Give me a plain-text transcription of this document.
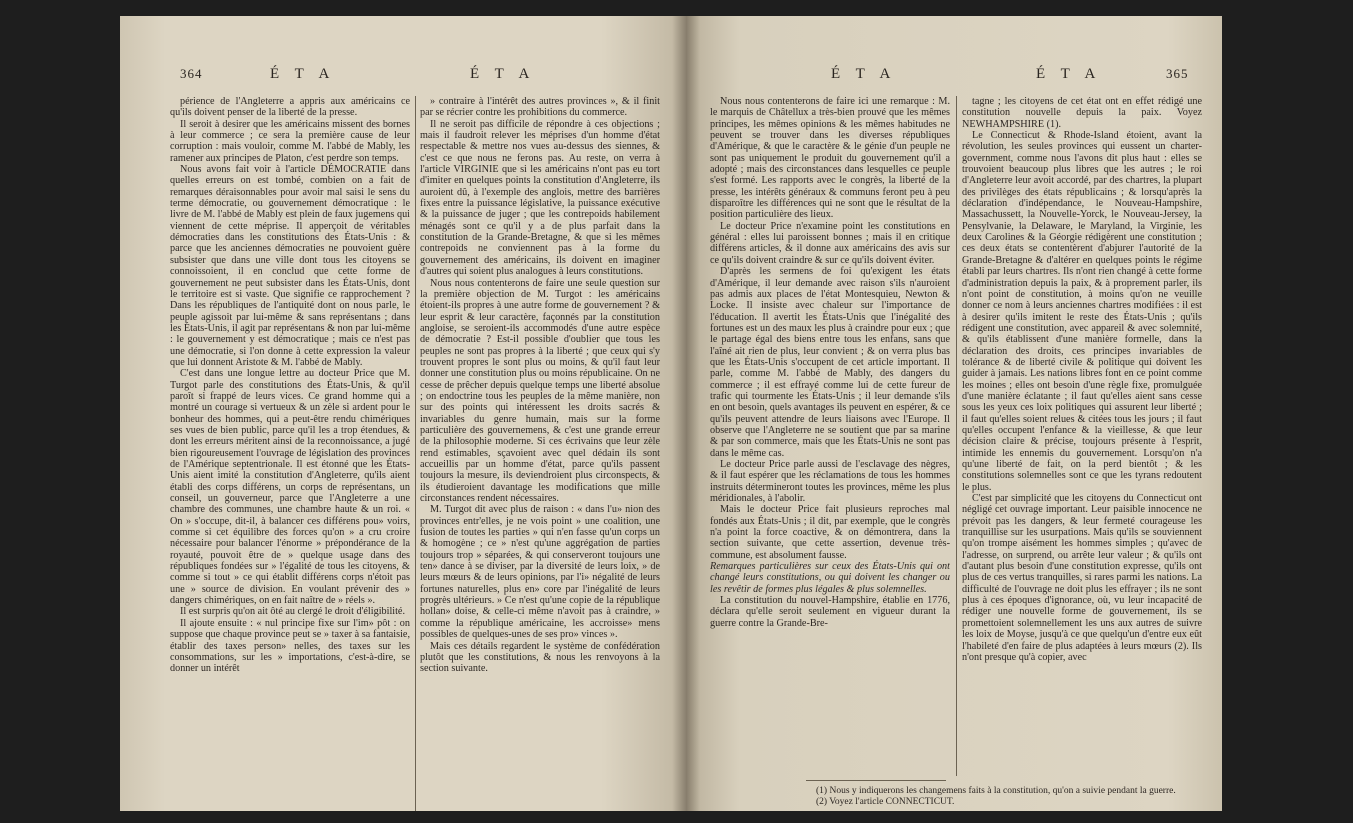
364	É T A	É T A

périence de l'Angleterre a appris aux américains ce qu'ils doivent penser de la liberté de la presse.

Il seroit à desirer que les américains missent des bornes à leur commerce ; ce sera la première cause de leur corruption : mais vouloir, comme M. l'abbé de Mably, les ramener aux principes de Platon, c'est perdre son temps.

Nous avons fait voir à l'article DÉMOCRATIE dans quelles erreurs on est tombé, combien on a fait de remarques déraisonnables pour avoir mal saisi le sens du terme démocratie, ou gouvernement démocratique : le livre de M. l'abbé de Mably est plein de faux jugemens qui viennent de cette méprise. Il apperçoit de véritables démocraties dans les constitutions des États-Unis : & parce que les anciennes démocraties ne pouvoient guère subsister que dans une ville dont tous les citoyens se connoissoient, il en conclud que cette forme de gouvernement ne peut subsister dans les États-Unis, dont le territoire est si vaste. Que signifie ce rapprochement ? Dans les républiques de l'antiquité dont on nous parle, le peuple agissoit par lui-même & sans représentans ; dans les États-Unis, il agit par représentans & non par lui-même : le gouvernement y est démocratique ; mais ce n'est pas une démocratie, si l'on donne à cette expression la valeur que lui donnent Aristote & M. l'abbé de Mably.

C'est dans une longue lettre au docteur Price que M. Turgot parle des constitutions des États-Unis, & qu'il paroît si frappé de leurs vices. Ce grand homme qui a montré un courage si vertueux & un zèle si ardent pour le bonheur des hommes, qui a peut-être rendu chimériques ses vues de bien public, parce qu'il les a trop étendues, & dont les erreurs méritent ainsi de la reconnoissance, a jugé bien rigoureusement l'ouvrage de législation des provinces de l'Amérique septentrionale. Il est étonné que les États-Unis aient imité la constitution d'Angleterre, qu'ils aient établi des corps différens, un corps de représentans, un conseil, un gouverneur, parce que l'Angleterre a une chambre des communes, une chambre haute & un roi. « On » s'occupe, dit-il, à balancer ces différens pou» voirs, comme si cet équilibre des forces qu'on » a cru croire nécessaire pour balancer l'énorme » prépondérance de la royauté, pouvoit être de » quelque usage dans des républiques fondées sur » l'égalité de tous les citoyens, & comme si tout » ce qui établit différens corps n'étoit pas une » source de division. En voulant prévenir des » dangers chimériques, on en fait naître de » réels ».

Il est surpris qu'on ait ôté au clergé le droit d'éligibilité.

Il ajoute ensuite : « nul principe fixe sur l'im» pôt : on suppose que chaque province peut se » taxer à sa fantaisie, établir des taxes person» nelles, des taxes sur les consommations, sur les » importations, c'est-à-dire, se donner un intérêt

» contraire à l'intérêt des autres provinces », & il finit par se récrier contre les prohibitions du commerce.

Il ne seroit pas difficile de répondre à ces objections ; mais il faudroit relever les méprises d'un homme d'état respectable & mettre nos vues au-dessus des siennes, & c'est ce que nous ne ferons pas. Au reste, on verra à l'article VIRGINIE que si les américains n'ont pas eu tort d'imiter en quelques points la constitution d'Angleterre, ils auroient dû, à l'exemple des anglois, mettre des barrières fixes entre la puissance législative, la puissance exécutive & la puissance de juger ; que les contrepoids habilement ménagés sont ce qu'il y a de plus parfait dans la constitution de la Grande-Bretagne, & que si les mêmes contrepoids ne conviennent pas à la forme du gouvernement des américains, ils doivent en imaginer d'autres qui soient plus analogues à leurs constitutions.

Nous nous contenterons de faire une seule question sur la première objection de M. Turgot : les américains étoient-ils propres à une autre forme de gouvernement ? & leur esprit & leur caractère, façonnés par la constitution angloise, se seroient-ils accommodés d'une autre espèce de démocratie ? Est-il possible d'oublier que tous les peuples ne sont pas propres à la liberté ; que ceux qui s'y trouvent propres le sont plus ou moins, & qu'il faut leur donner une constitution plus ou moins républicaine. On ne cesse de prêcher depuis quelque temps une liberté absolue ; on endoctrine tous les peuples de la même manière, non sur des points qui intéressent les droits sacrés & invariables du genre humain, mais sur la forme particulière des gouvernemens, & c'est une grande erreur de la philosophie moderne. Si ces écrivains que leur zèle rend estimables, sçavoient avec quel dédain ils sont accueillis par un homme d'état, parce qu'ils passent toujours la mesure, ils deviendroient plus circonspects, & ils étudieroient davantage les modifications que mille circonstances rendent nécessaires.

M. Turgot dit avec plus de raison : « dans l'u» nion des provinces entr'elles, je ne vois point » une coalition, une fusion de toutes les parties » qui n'en fasse qu'un corps un & homogène ; ce » n'est qu'une aggrégation de parties toujours trop » séparées, & qui conserveront toujours une ten» dance à se diviser, par la diversité de leurs loix, » de leurs mœurs & de leurs opinions, par l'i» négalité de leurs fortunes naturelles, plus en» core par l'inégalité de leurs progrès ultérieurs. » Ce n'est qu'une copie de la république hollan» doise, & celle-ci même n'avoit pas à craindre, » comme la république américaine, les accroisse» mens possibles de quelques-unes de ses pro» vinces ».

Mais ces détails regardent le système de confédération plutôt que les constitutions, & nous les renvoyons à la section suivante.

É T A	É T A	365

Nous nous contenterons de faire ici une remarque : M. le marquis de Châtellux a très-bien prouvé que les mêmes principes, les mêmes opinions & les mêmes habitudes ne peuvent se trouver dans les diverses républiques d'Amérique, & que le caractère & le génie d'un peuple ne sont pas uniquement le produit du gouvernement qu'il a adopté ; mais des circonstances dans lesquelles ce peuple s'est formé. Les rapports avec le congrès, la liberté de la presse, les intérêts généraux & communs feront peu à peu disparoître les différences qui ne sont que le résultat de la position particulière des lieux.

Le docteur Price n'examine point les constitutions en général : elles lui paroissent bonnes ; mais il en critique différens articles, & il donne aux américains des avis sur ce qu'ils doivent craindre & sur ce qu'ils doivent éviter.

D'après les sermens de foi qu'exigent les états d'Amérique, il leur demande avec raison s'ils n'auroient pas admis aux places de l'état Montesquieu, Newton & Locke. Il insiste avec chaleur sur l'importance de l'éducation. Il avertit les États-Unis que l'inégalité des fortunes est un des maux les plus à craindre pour eux ; que le partage égal des biens entre tous les enfans, sans que l'aîné ait rien de plus, leur convient ; & on verra plus bas que les États-Unis s'occupent de cet article important. Il parle, comme M. l'abbé de Mably, des dangers du commerce ; il est effrayé comme lui de cette fureur de trafic qui tourmente les États-Unis ; il leur demande s'ils en ont besoin, quels avantages ils peuvent en espérer, & ce qu'ils peuvent attendre de leurs liaisons avec l'Europe. Il observe que l'Angleterre ne se soutient que par sa marine & par son commerce, mais que les États-Unis ne sont pas dans le même cas.

Le docteur Price parle aussi de l'esclavage des nègres, & il faut espérer que les réclamations de tous les hommes instruits détermineront toutes les provinces, même les plus méridionales, à l'abolir.

Mais le docteur Price fait plusieurs reproches mal fondés aux États-Unis ; il dit, par exemple, que le congrès n'a point la force coactive, & on démontrera, dans la section suivante, que cette assertion, devenue très-commune, est absolument fausse.

Remarques particulières sur ceux des États-Unis qui ont changé leurs constitutions, ou qui doivent les changer ou les revêtir de formes plus légales & plus solemnelles.

La constitution du nouvel-Hampshire, établie en 1776, déclara qu'elle seroit seulement en vigueur durant la guerre contre la Grande-Bre-

tagne ; les citoyens de cet état ont en effet rédigé une constitution nouvelle depuis la paix. Voyez NEWHAMPSHIRE (1).

Le Connecticut & Rhode-Island étoient, avant la révolution, les seules provinces qui eussent un charter-government, comme nous l'avons dit plus haut : elles se trouvoient beaucoup plus libres que les autres ; le roi d'Angleterre leur avoit accordé, par des chartres, la plupart des privilèges des états républicains ; & lorsqu'après la déclaration d'indépendance, le Nouveau-Hampshire, Massachussett, la Nouvelle-Yorck, le Nouveau-Jersey, la Pensylvanie, la Delaware, le Maryland, la Virginie, les deux Carolines & la Géorgie rédigèrent une constitution ; ces deux états se contentèrent d'abjurer l'autorité de la Grande-Bretagne & d'altérer en quelques points le régime établi par leurs chartres. Ils n'ont rien changé à cette forme d'administration depuis la paix, & à proprement parler, ils n'ont point de constitution, à moins qu'on ne veuille donner ce nom à leurs anciennes chartres modifiées : il est à desirer qu'ils imitent le reste des États-Unis ; qu'ils rédigent une constitution, avec appareil & avec solemnité, & qu'ils établissent d'une manière formelle, dans la déclaration des droits, ces principes invariables de tolérance & de liberté civile & politique qui doivent les guider à jamais. Les nations libres font en ce point comme les moines ; elles ont besoin d'une règle fixe, promulguée d'une manière éclatante ; il faut qu'elles aient sans cesse sous les yeux ces loix politiques qui assurent leur liberté ; il faut qu'elles soient relues & citées tous les jours ; il faut qu'elles occupent l'enfance & la vieillesse, & que leur décision claire & précise, toujours présente à l'esprit, intimide les ennemis du gouvernement. Lorsqu'on n'a qu'une liberté de fait, on la perd bientôt ; & les constitutions solemnelles sont ce que les tyrans redoutent le plus.

C'est par simplicité que les citoyens du Connecticut ont négligé cet ouvrage important. Leur paisible innocence ne prévoit pas les dangers, & leur fermeté courageuse les tranquillise sur les usurpations. Mais qu'ils se souviennent qu'on trompe aisément les hommes simples ; qu'avec de l'adresse, on surprend, ou arrête leur valeur ; & qu'ils ont d'autant plus besoin d'une constitution expresse, qu'ils ont plus de ces vertus tranquilles, si rares parmi les nations. La difficulté de l'ouvrage ne doit plus les effrayer ; ils ne sont plus à ces époques d'ignorance, où, vu leur incapacité de rédiger une nouvelle forme de gouvernement, ils se promettoient solemnellement les uns aux autres de suivre les loix de Moyse, jusqu'à ce que quelqu'un d'entre eux eût l'habileté d'en faire de plus adaptées à leurs mœurs (2). Ils n'ont presque qu'à copier, avec

(1) Nous y indiquerons les changemens faits à la constitution, qu'on a suivie pendant la guerre.

(2) Voyez l'article CONNECTICUT.
